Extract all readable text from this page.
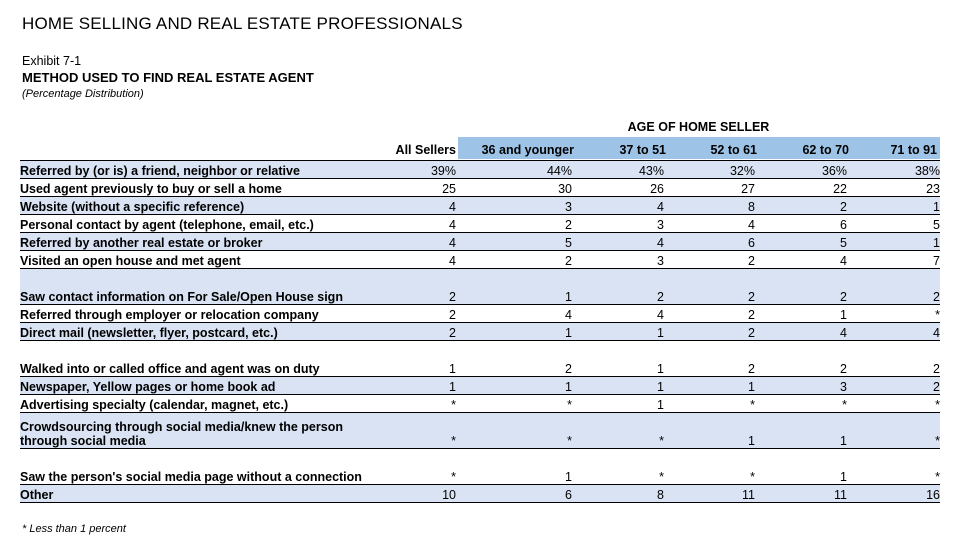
HOME SELLING AND REAL ESTATE PROFESSIONALS
Exhibit 7-1
METHOD USED TO FIND REAL ESTATE AGENT
(Percentage Distribution)
AGE OF HOME SELLER
All Sellers	36 and younger	37 to 51	52 to 61	62 to 70	71 to 91
Referred by (or is) a friend, neighbor or relative	39%	44%	43%	32%	36%	38%
Used agent previously to buy or sell a home	25	30	26	27	22	23
Website (without a specific reference)	4	3	4	8	2	1
Personal contact by agent (telephone, email, etc.)	4	2	3	4	6	5
Referred by another real estate or broker	4	5	4	6	5	1
Visited an open house and met agent	4	2	3	2	4	7
Saw contact information on For Sale/Open House sign	2	1	2	2	2	2
Referred through employer or relocation company	2	4	4	2	1	*
Direct mail (newsletter, flyer, postcard, etc.)	2	1	1	2	4	4
Walked into or called office and agent was on duty	1	2	1	2	2	2
Newspaper, Yellow pages or home book ad	1	1	1	1	3	2
Advertising specialty (calendar, magnet, etc.)	*	*	1	*	*	*
Crowdsourcing through social media/knew the person through social media	*	*	*	1	1	*
Saw the person's social media page without a connection	*	1	*	*	1	*
Other	10	6	8	11	11	16
* Less than 1 percent
